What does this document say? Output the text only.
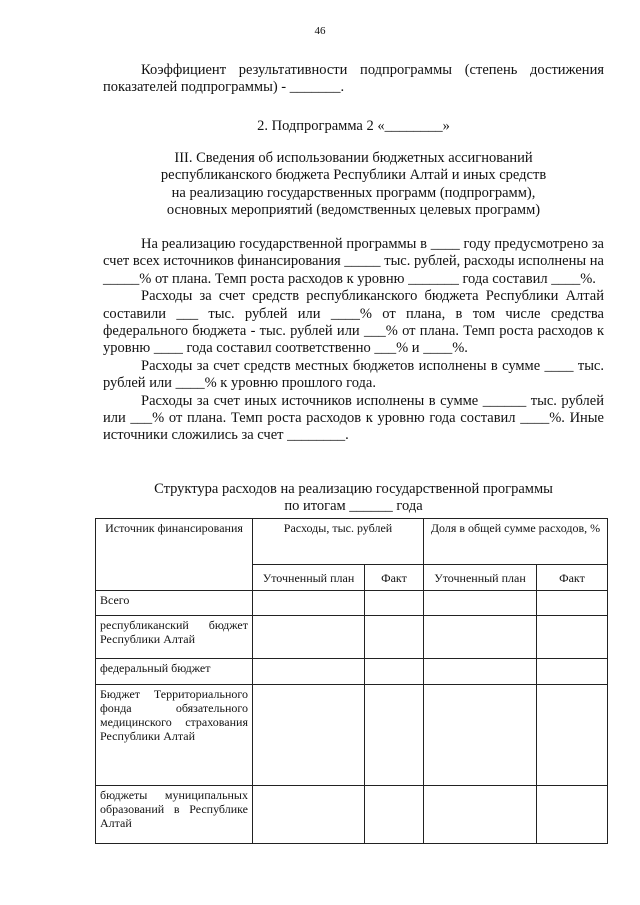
46

Коэффициент результативности подпрограммы (степень достижения показателей подпрограммы) - _______.

2. Подпрограмма 2 «________»

III. Сведения об использовании бюджетных ассигнований

республиканского бюджета Республики Алтай и иных средств

на реализацию государственных программ (подпрограмм),

основных мероприятий (ведомственных целевых программ)

На реализацию государственной программы в ____ году предусмотрено за счет всех источников финансирования _____ тыс. рублей, расходы исполнены на _____% от плана. Темп роста расходов к уровню _______ года составил ____%.

Расходы за счет средств республиканского бюджета Республики Алтай составили ___ тыс. рублей или ____% от плана, в том числе средства федерального бюджета - тыс. рублей или ___% от плана. Темп роста расходов к уровню ____ года составил соответственно ___% и ____%.

Расходы за счет средств местных бюджетов исполнены в сумме ____ тыс. рублей или ____% к уровню прошлого года.

Расходы за счет иных источников исполнены в сумме ______ тыс. рублей или ___% от плана. Темп роста расходов к уровню года составил ____%. Иные источники сложились за счет ________.

Структура расходов на реализацию государственной программы

по итогам ______ года

Источник финансирования	Расходы, тыс. рублей		Доля в общей сумме расходов, %	
	Уточненный план	Факт	Уточненный план	Факт
Всего				
республиканский бюджет Республики Алтай				
федеральный бюджет				
Бюджет Территориального фонда обязательного медицинского страхования Республики Алтай				
бюджеты муниципальных образований в Республике Алтай				
